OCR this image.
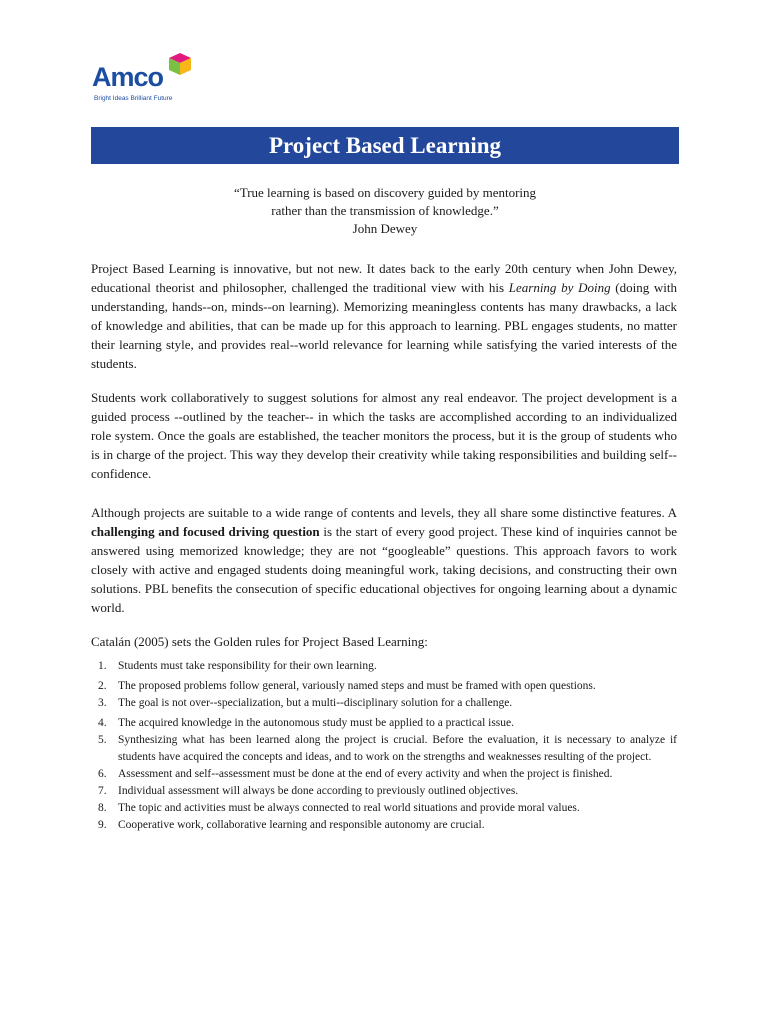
Amco
Bright Ideas Brilliant Future
Project Based Learning
“True learning is based on discovery guided by mentoring
rather than the transmission of knowledge.”
John Dewey

Project Based Learning is innovative, but not new. It dates back to the early 20th century when John Dewey, educational theorist and philosopher, challenged the traditional view with his Learning by Doing (doing with understanding, hands--on, minds--on learning). Memorizing meaningless contents has many drawbacks, a lack of knowledge and abilities, that can be made up for this approach to learning. PBL engages students, no matter their learning style, and provides real--world relevance for learning while satisfying the varied interests of the students.

Students work collaboratively to suggest solutions for almost any real endeavor. The project development is a guided process --outlined by the teacher-- in which the tasks are accomplished according to an individualized role system. Once the goals are established, the teacher monitors the process, but it is the group of students who is in charge of the project. This way they develop their creativity while taking responsibilities and building self--confidence.

Although projects are suitable to a wide range of contents and levels, they all share some distinctive features. A challenging and focused driving question is the start of every good project. These kind of inquiries cannot be answered using memorized knowledge; they are not “googleable” questions. This approach favors to work closely with active and engaged students doing meaningful work, taking decisions, and constructing their own solutions. PBL benefits the consecution of specific educational objectives for ongoing learning about a dynamic world.

Catalán (2005) sets the Golden rules for Project Based Learning:

1. Students must take responsibility for their own learning.
2. The proposed problems follow general, variously named steps and must be framed with open questions.
3. The goal is not over--specialization, but a multi--disciplinary solution for a challenge.
4. The acquired knowledge in the autonomous study must be applied to a practical issue.
5. Synthesizing what has been learned along the project is crucial. Before the evaluation, it is necessary to analyze if students have acquired the concepts and ideas, and to work on the strengths and weaknesses resulting of the project.
6. Assessment and self--assessment must be done at the end of every activity and when the project is finished.
7. Individual assessment will always be done according to previously outlined objectives.
8. The topic and activities must be always connected to real world situations and provide moral values.
9. Cooperative work, collaborative learning and responsible autonomy are crucial.
